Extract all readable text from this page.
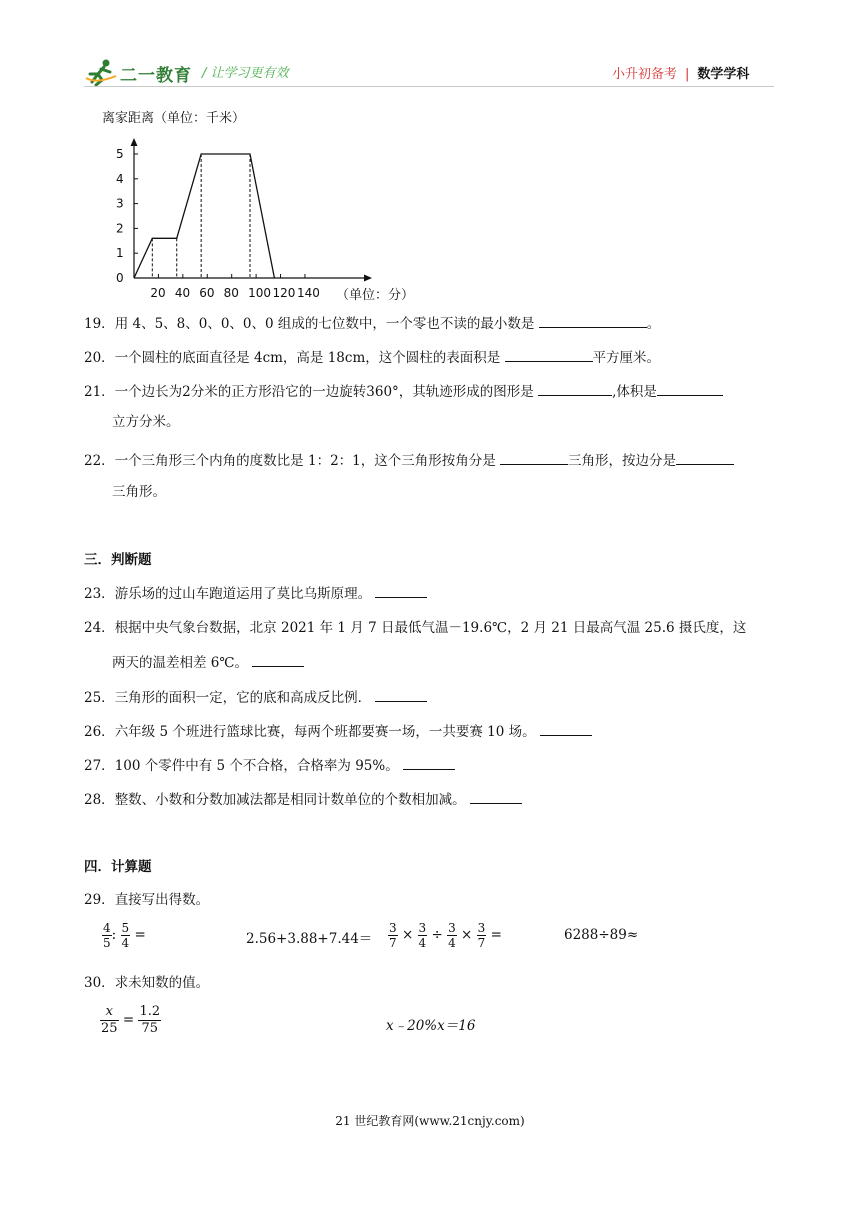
二一教育 / 让学习更有效	小升初备考 | 数学学科
离家距离（单位：千米）
0
1
2
3
4
5
20 40 60 80 100 120 140 （单位：分）
19．用 4、5、8、0、0、0、0 组成的七位数中，一个零也不读的最小数是	。
20．一个圆柱的底面直径是 4cm，高是 18cm，这个圆柱的表面积是	平方厘米。
21．一个边长为2分米的正方形沿它的一边旋转360°，其轨迹形成的图形是	,体积是
立方分米。
22．一个三角形三个内角的度数比是 1：2：1，这个三角形按角分是	三角形，按边分是
三角形。
三．判断题
23．游乐场的过山车跑道运用了莫比乌斯原理。
24．根据中央气象台数据，北京 2021 年 1 月 7 日最低气温－19.6℃，2 月 21 日最高气温 25.6 摄氏度，这
两天的温差相差 6℃。
25．三角形的面积一定，它的底和高成反比例．
26．六年级 5 个班进行篮球比赛，每两个班都要赛一场，一共要赛 10 场。
27．100 个零件中有 5 个不合格，合格率为 95%。
28．整数、小数和分数加减法都是相同计数单位的个数相加减。
四．计算题
29．直接写出得数。
$\frac{4}{5}$ : $\frac{5}{4}$ =	$2.56+3.88+7.44= \frac{3}{7} \times \frac{3}{4} \div \frac{3}{4} \times \frac{3}{7}$ =	6288÷89≈
30．求未知数的值。
$\frac{x}{25} = \frac{1.2}{75}$	x﹣20%x＝16
21 世纪教育网(www.21cnjy.com)
